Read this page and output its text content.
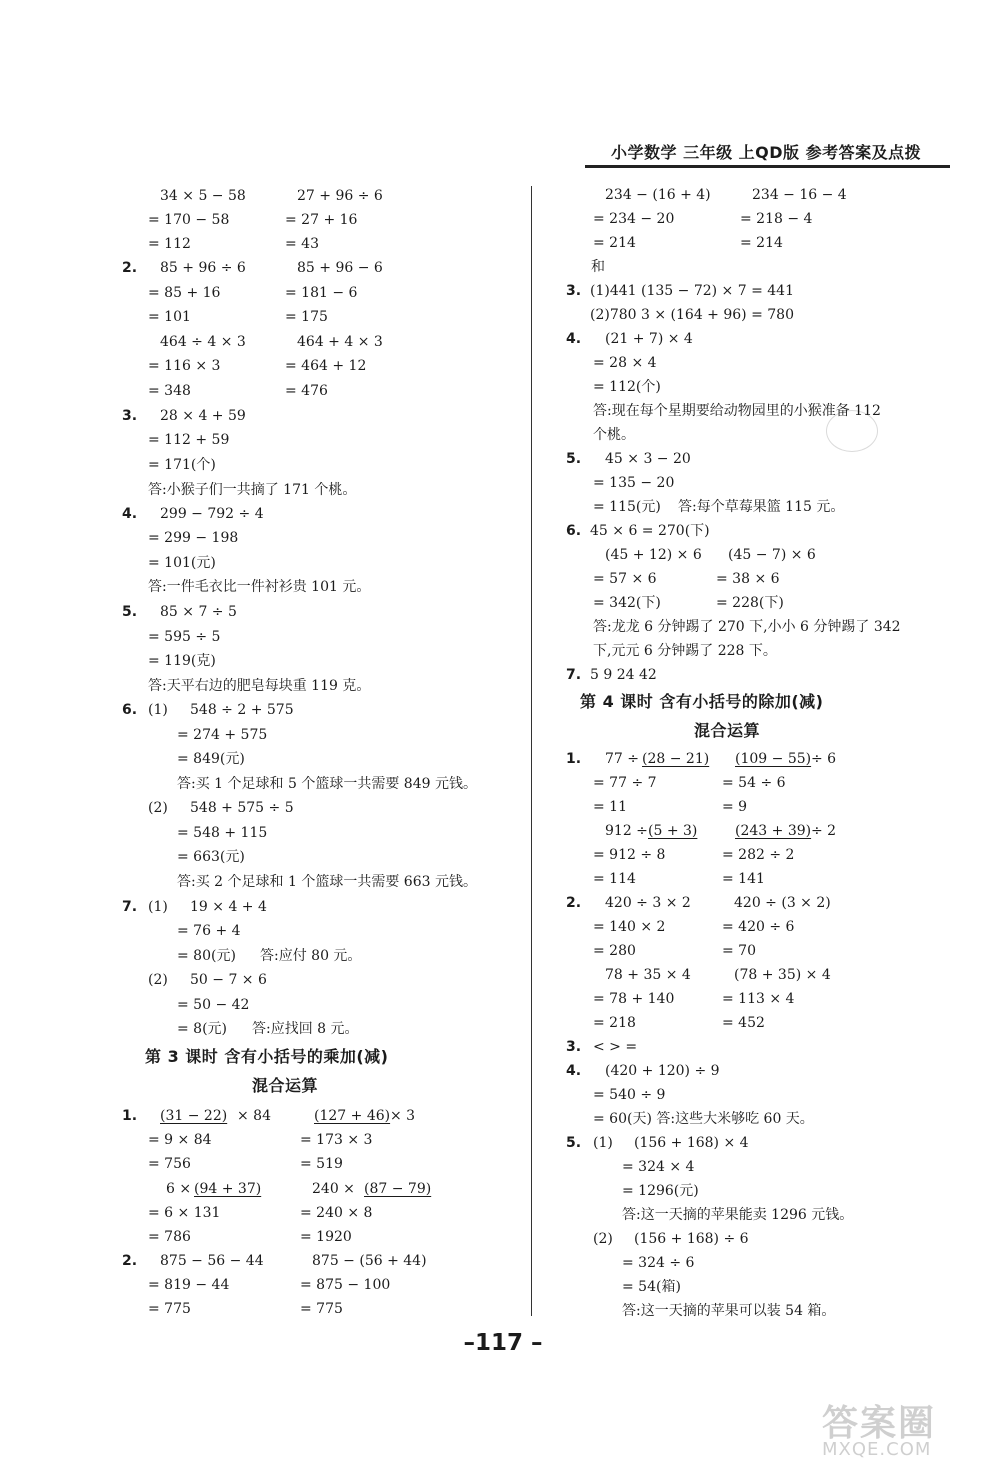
小学数学 三年级 上QD版 参考答案及点拨
–117 –
答案圈
MXQE.COM
34 × 5 − 58	27 + 96 ÷ 6
= 170 − 58	= 27 + 16
= 112	= 43
2. 85 + 96 ÷ 6	85 + 96 − 6
= 85 + 16	= 181 − 6
= 101	= 175
464 ÷ 4 × 3	464 + 4 × 3
= 116 × 3	= 464 + 12
= 348	= 476
3. 28 × 4 + 59
= 112 + 59
= 171(个)
答:小猴子们一共摘了 171 个桃。
4. 299 − 792 ÷ 4
= 299 − 198
= 101(元)
答:一件毛衣比一件衬衫贵 101 元。
5. 85 × 7 ÷ 5
= 595 ÷ 5
= 119(克)
答:天平右边的肥皂每块重 119 克。
6. (1) 548 ÷ 2 + 575
= 274 + 575
= 849(元)
答:买 1 个足球和 5 个篮球一共需要 849 元钱。
(2) 548 + 575 ÷ 5
= 548 + 115
= 663(元)
答:买 2 个足球和 1 个篮球一共需要 663 元钱。
7. (1) 19 × 4 + 4
= 76 + 4
= 80(元) 答:应付 80 元。
(2) 50 − 7 × 6
= 50 − 42
= 8(元) 答:应找回 8 元。
第 3 课时 含有小括号的乘加(减)
混合运算
1. (31 − 22) × 84	(127 + 46) × 3
= 9 × 84	= 173 × 3
= 756	= 519
6 × (94 + 37)	240 × (87 − 79)
= 6 × 131	= 240 × 8
= 786	= 1920
2. 875 − 56 − 44	875 − (56 + 44)
= 819 − 44	= 875 − 100
= 775	= 775
234 − (16 + 4)	234 − 16 − 4
= 234 − 20	= 218 − 4
= 214	= 214
和
3. (1)441 (135 − 72) × 7 = 441
(2)780 3 × (164 + 96) = 780
4. (21 + 7) × 4
= 28 × 4
= 112(个)
答:现在每个星期要给动物园里的小猴准备 112
个桃。
5. 45 × 3 − 20
= 135 − 20
= 115(元) 答:每个草莓果篮 115 元。
6. 45 × 6 = 270(下)
(45 + 12) × 6 (45 − 7) × 6
= 57 × 6	= 38 × 6
= 342(下)	= 228(下)
答:龙龙 6 分钟踢了 270 下,小小 6 分钟踢了 342
下,元元 6 分钟踢了 228 下。
7. 5 9 24 42
第 4 课时 含有小括号的除加(减)
混合运算
1. 77 ÷ (28 − 21) (109 − 55) ÷ 6
= 77 ÷ 7	= 54 ÷ 6
= 11	= 9
912 ÷ (5 + 3)	(243 + 39) ÷ 2
= 912 ÷ 8	= 282 ÷ 2
= 114	= 141
2. 420 ÷ 3 × 2	420 ÷ (3 × 2)
= 140 × 2	= 420 ÷ 6
= 280	= 70
78 + 35 × 4	(78 + 35) × 4
= 78 + 140	= 113 × 4
= 218	= 452
3. < > =
4. (420 + 120) ÷ 9
= 540 ÷ 9
= 60(天) 答:这些大米够吃 60 天。
5. (1) (156 + 168) × 4
= 324 × 4
= 1296(元)
答:这一天摘的苹果能卖 1296 元钱。
(2) (156 + 168) ÷ 6
= 324 ÷ 6
= 54(箱)
答:这一天摘的苹果可以装 54 箱。
